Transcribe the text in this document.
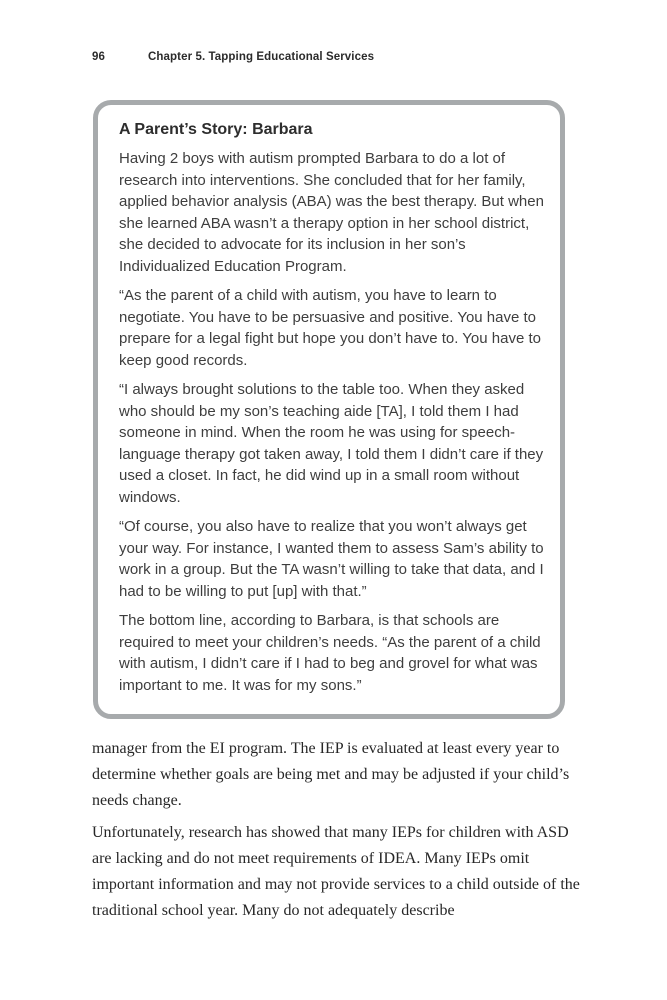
96	Chapter 5. Tapping Educational Services
A Parent’s Story: Barbara

Having 2 boys with autism prompted Barbara to do a lot of research into interventions. She concluded that for her family, applied behavior analysis (ABA) was the best therapy. But when she learned ABA wasn’t a therapy option in her school district, she decided to advocate for its inclusion in her son’s Individualized Education Program.

“As the parent of a child with autism, you have to learn to negotiate. You have to be persuasive and positive. You have to prepare for a legal fight but hope you don’t have to. You have to keep good records.

“I always brought solutions to the table too. When they asked who should be my son’s teaching aide [TA], I told them I had someone in mind. When the room he was using for speech-language therapy got taken away, I told them I didn’t care if they used a closet. In fact, he did wind up in a small room without windows.

“Of course, you also have to realize that you won’t always get your way. For instance, I wanted them to assess Sam’s ability to work in a group. But the TA wasn’t willing to take that data, and I had to be willing to put [up] with that.”

The bottom line, according to Barbara, is that schools are required to meet your children’s needs. “As the parent of a child with autism, I didn’t care if I had to beg and grovel for what was important to me. It was for my sons.”

manager from the EI program. The IEP is evaluated at least every year to determine whether goals are being met and may be adjusted if your child’s needs change.

Unfortunately, research has showed that many IEPs for children with ASD are lacking and do not meet requirements of IDEA. Many IEPs omit important information and may not provide services to a child outside of the traditional school year. Many do not adequately describe
